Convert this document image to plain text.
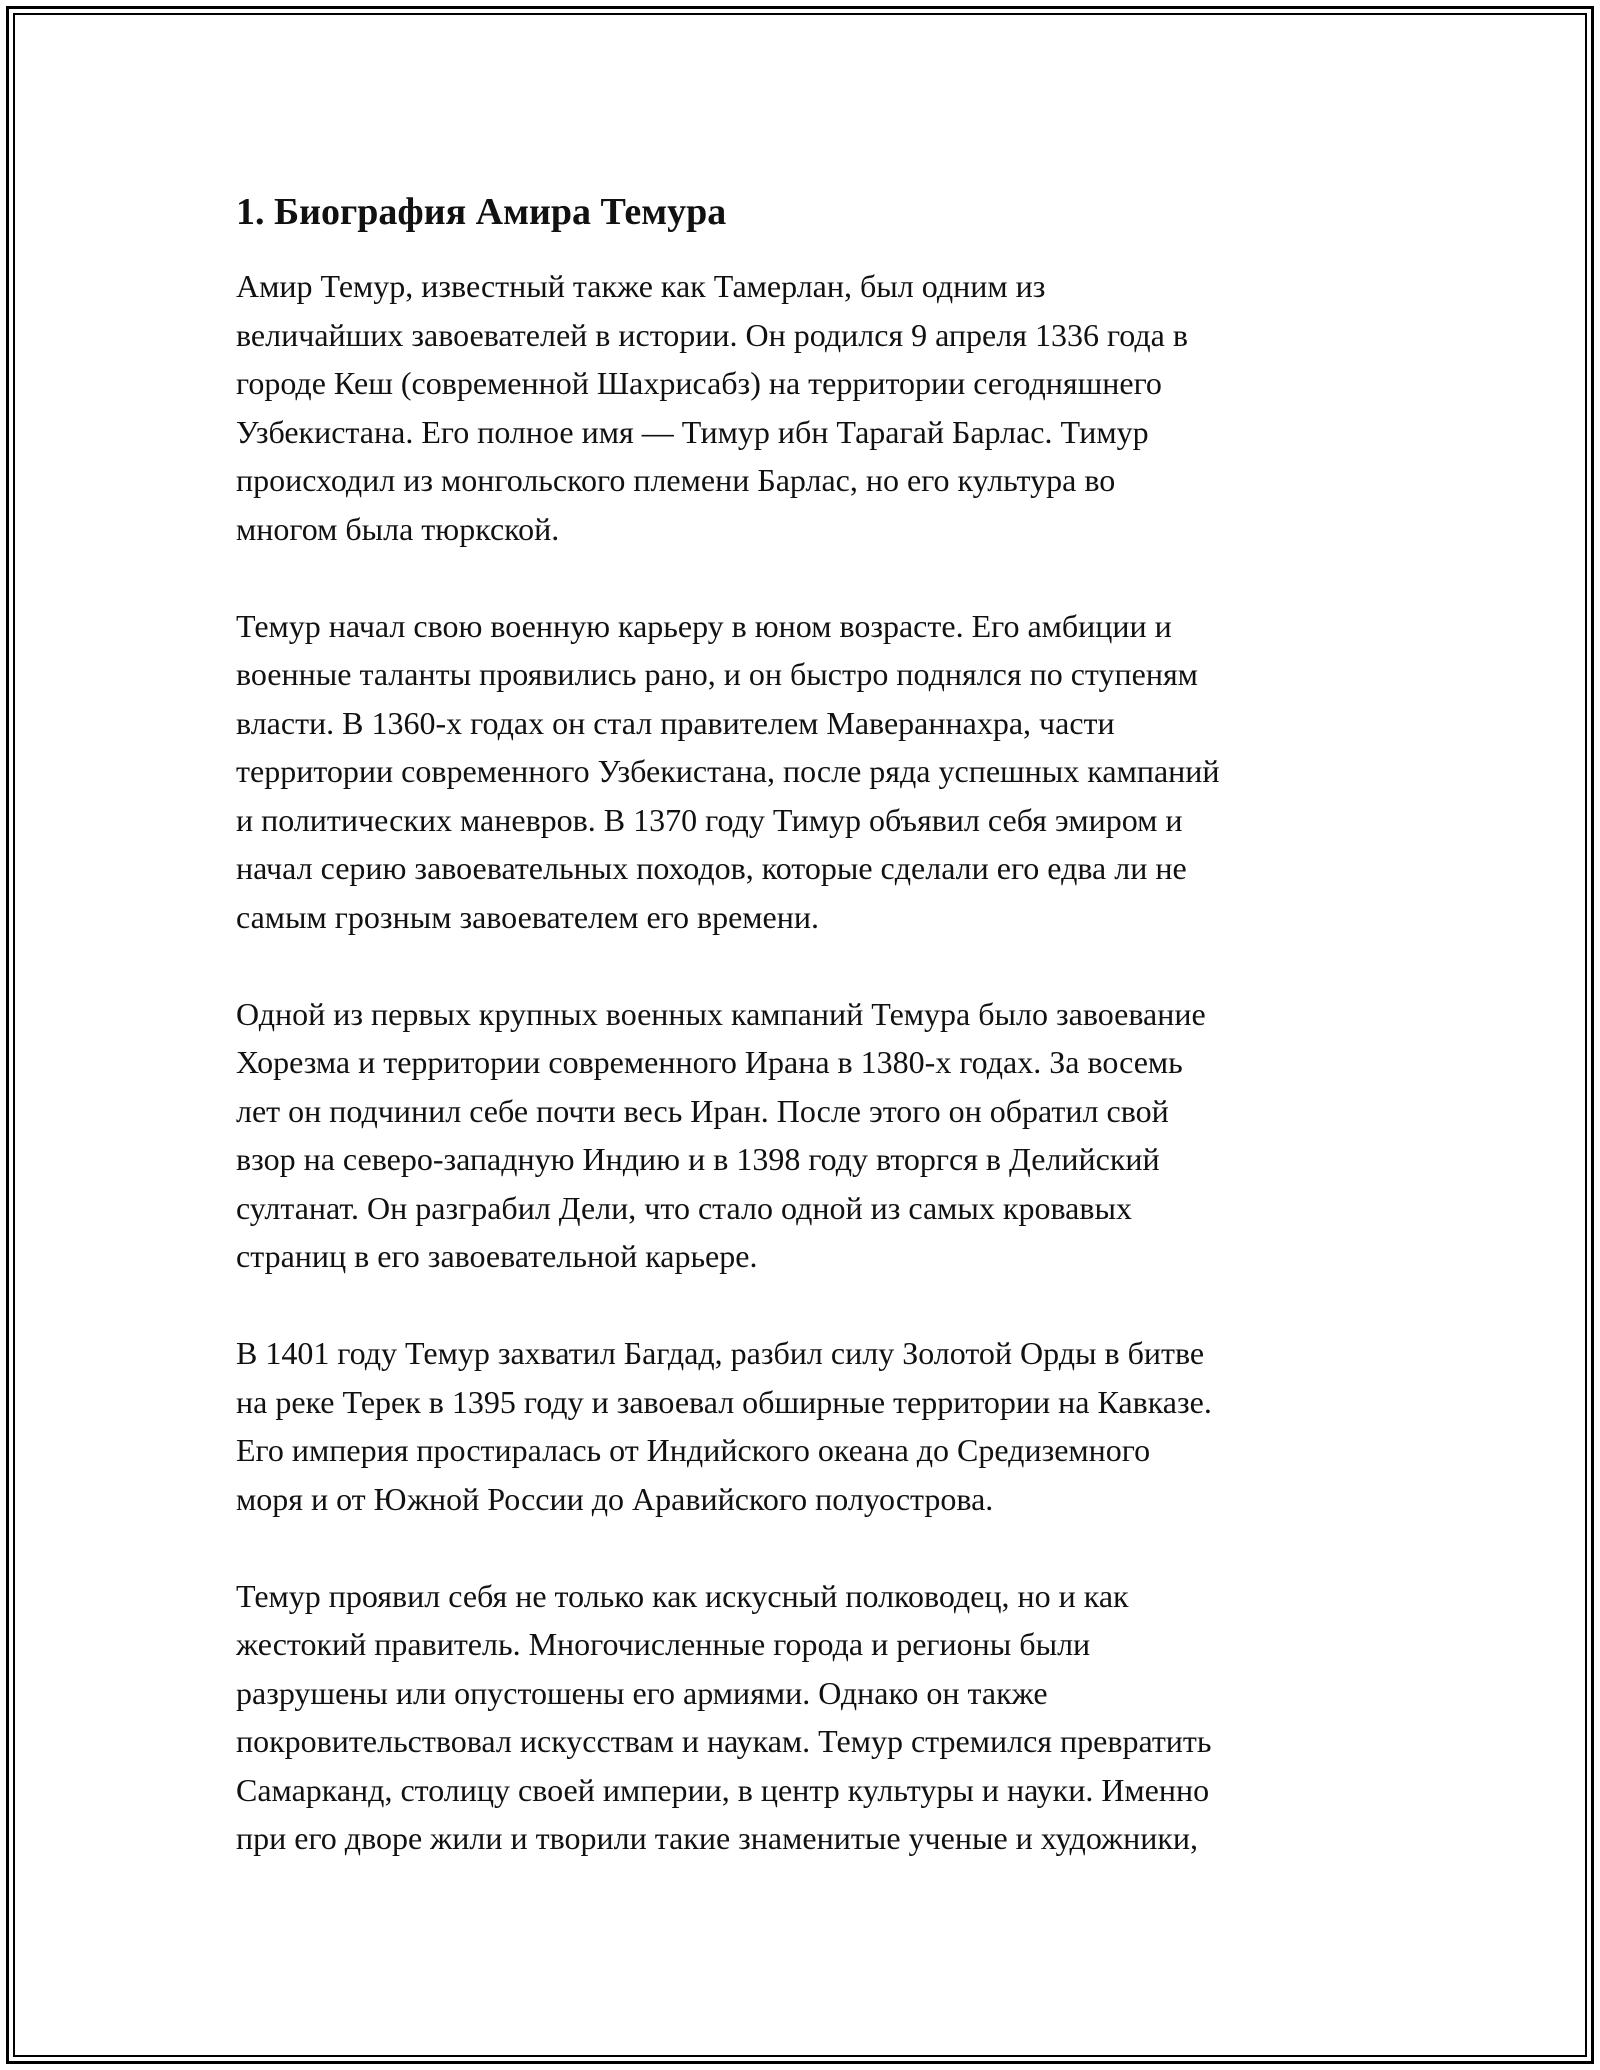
1. Биография Амира Темура

Амир Темур, известный также как Тамерлан, был одним из
величайших завоевателей в истории. Он родился 9 апреля 1336 года в
городе Кеш (современной Шахрисабз) на территории сегодняшнего
Узбекистана. Его полное имя — Тимур ибн Тарагай Барлас. Тимур
происходил из монгольского племени Барлас, но его культура во
многом была тюркской.

Темур начал свою военную карьеру в юном возрасте. Его амбиции и
военные таланты проявились рано, и он быстро поднялся по ступеням
власти. В 1360-х годах он стал правителем Мавераннахра, части
территории современного Узбекистана, после ряда успешных кампаний
и политических маневров. В 1370 году Тимур объявил себя эмиром и
начал серию завоевательных походов, которые сделали его едва ли не
самым грозным завоевателем его времени.

Одной из первых крупных военных кампаний Темура было завоевание
Хорезма и территории современного Ирана в 1380-х годах. За восемь
лет он подчинил себе почти весь Иран. После этого он обратил свой
взор на северо-западную Индию и в 1398 году вторгся в Делийский
султанат. Он разграбил Дели, что стало одной из самых кровавых
страниц в его завоевательной карьере.

В 1401 году Темур захватил Багдад, разбил силу Золотой Орды в битве
на реке Терек в 1395 году и завоевал обширные территории на Кавказе.
Его империя простиралась от Индийского океана до Средиземного
моря и от Южной России до Аравийского полуострова.

Темур проявил себя не только как искусный полководец, но и как
жестокий правитель. Многочисленные города и регионы были
разрушены или опустошены его армиями. Однако он также
покровительствовал искусствам и наукам. Темур стремился превратить
Самарканд, столицу своей империи, в центр культуры и науки. Именно
при его дворе жили и творили такие знаменитые ученые и художники,
